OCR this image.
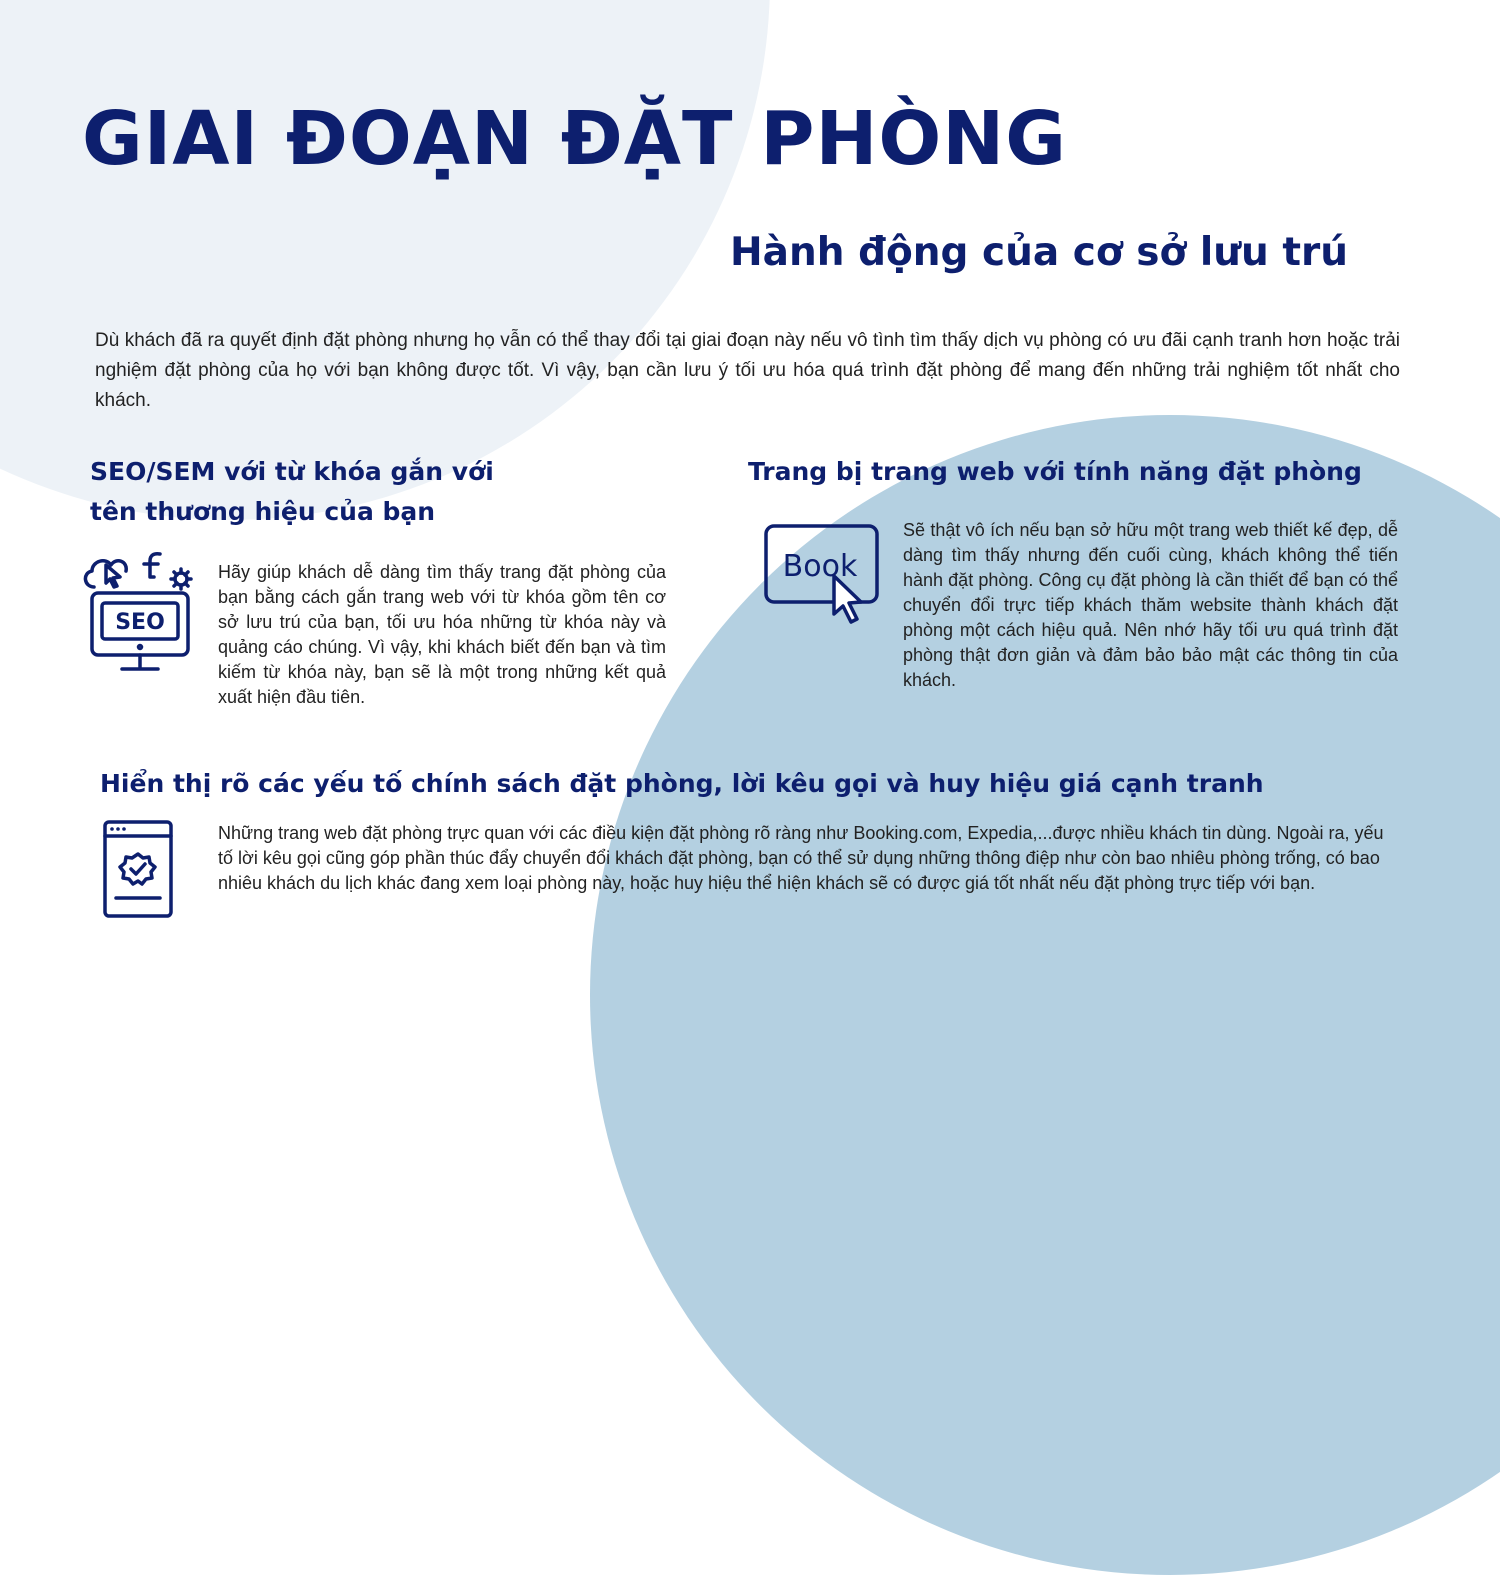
GIAI ĐOẠN ĐẶT PHÒNG
Hành động của cơ sở lưu trú

Dù khách đã ra quyết định đặt phòng nhưng họ vẫn có thể thay đổi tại giai đoạn này nếu vô tình tìm thấy dịch vụ phòng có ưu đãi cạnh tranh hơn hoặc trải nghiệm đặt phòng của họ với bạn không được tốt. Vì vậy, bạn cần lưu ý tối ưu hóa quá trình đặt phòng để mang đến những trải nghiệm tốt nhất cho khách.

SEO/SEM với từ khóa gắn với
tên thương hiệu của bạn
SEO

Hãy giúp khách dễ dàng tìm thấy trang đặt phòng của bạn bằng cách gắn trang web với từ khóa gồm tên cơ sở lưu trú của bạn, tối ưu hóa những từ khóa này và quảng cáo chúng. Vì vậy, khi khách biết đến bạn và tìm kiếm từ khóa này, bạn sẽ là một trong những kết quả xuất hiện đầu tiên.

Trang bị trang web với tính năng đặt phòng
Book

Sẽ thật vô ích nếu bạn sở hữu một trang web thiết kế đẹp, dễ dàng tìm thấy nhưng đến cuối cùng, khách không thể tiến hành đặt phòng. Công cụ đặt phòng là cần thiết để bạn có thể chuyển đổi trực tiếp khách thăm website thành khách đặt phòng một cách hiệu quả. Nên nhớ hãy tối ưu quá trình đặt phòng thật đơn giản và đảm bảo bảo mật các thông tin của khách.

Hiển thị rõ các yếu tố chính sách đặt phòng, lời kêu gọi và huy hiệu giá cạnh tranh

Những trang web đặt phòng trực quan với các điều kiện đặt phòng rõ ràng như Booking.com, Expedia,...được nhiều khách tin dùng. Ngoài ra, yếu tố lời kêu gọi cũng góp phần thúc đẩy chuyển đổi khách đặt phòng, bạn có thể sử dụng những thông điệp như còn bao nhiêu phòng trống, có bao nhiêu khách du lịch khác đang xem loại phòng này, hoặc huy hiệu thể hiện khách sẽ có được giá tốt nhất nếu đặt phòng trực tiếp với bạn.
